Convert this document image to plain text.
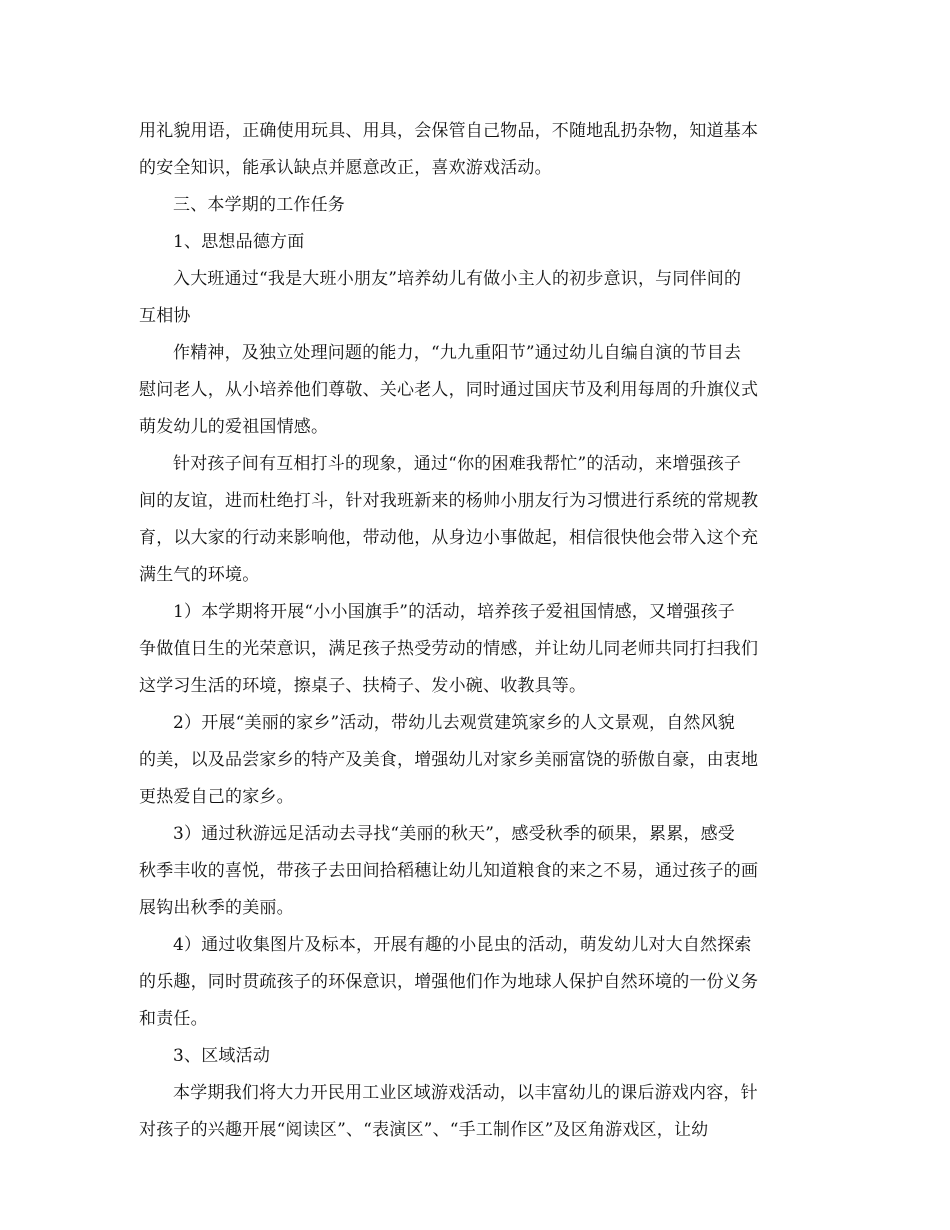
用礼貌用语，正确使用玩具、用具，会保管自己物品，不随地乱扔杂物，知道基本
的安全知识，能承认缺点并愿意改正，喜欢游戏活动。

三、本学期的工作任务

1、思想品德方面

入大班通过“我是大班小朋友”培养幼儿有做小主人的初步意识，与同伴间的
互相协

作精神，及独立处理问题的能力，“九九重阳节”通过幼儿自编自演的节目去
慰问老人，从小培养他们尊敬、关心老人，同时通过国庆节及利用每周的升旗仪式
萌发幼儿的爱祖国情感。

针对孩子间有互相打斗的现象，通过“你的困难我帮忙”的活动，来增强孩子
间的友谊，进而杜绝打斗，针对我班新来的杨帅小朋友行为习惯进行系统的常规教
育，以大家的行动来影响他，带动他，从身边小事做起，相信很快他会带入这个充
满生气的环境。

1）本学期将开展“小小国旗手”的活动，培养孩子爱祖国情感，又增强孩子
争做值日生的光荣意识，满足孩子热受劳动的情感，并让幼儿同老师共同打扫我们
这学习生活的环境，擦桌子、扶椅子、发小碗、收教具等。

2）开展“美丽的家乡”活动，带幼儿去观赏建筑家乡的人文景观，自然风貌
的美，以及品尝家乡的特产及美食，增强幼儿对家乡美丽富饶的骄傲自豪，由衷地
更热爱自己的家乡。

3）通过秋游远足活动去寻找“美丽的秋天”，感受秋季的硕果，累累，感受
秋季丰收的喜悦，带孩子去田间拾稻穗让幼儿知道粮食的来之不易，通过孩子的画
展钩出秋季的美丽。

4）通过收集图片及标本，开展有趣的小昆虫的活动，萌发幼儿对大自然探索
的乐趣，同时贯疏孩子的环保意识，增强他们作为地球人保护自然环境的一份义务
和责任。

3、区域活动

本学期我们将大力开民用工业区域游戏活动，以丰富幼儿的课后游戏内容，针
对孩子的兴趣开展“阅读区”、“表演区”、“手工制作区”及区角游戏区，让幼
